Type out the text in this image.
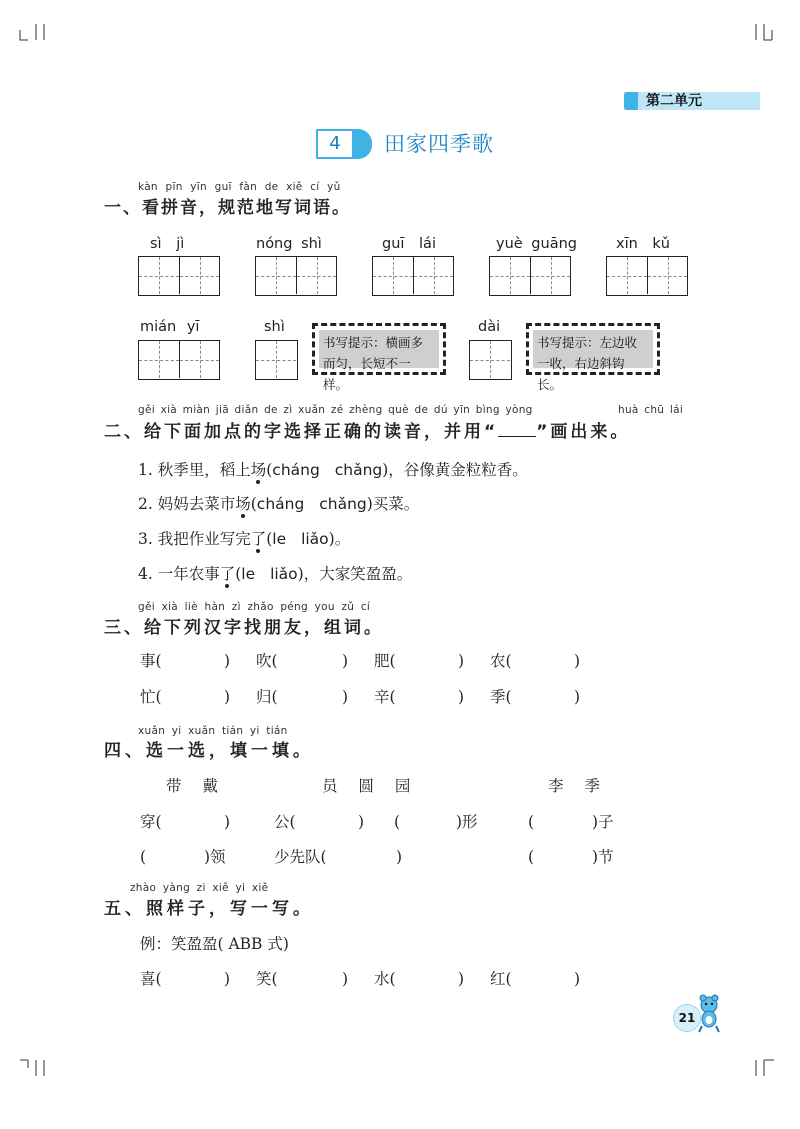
第二单元
4	田家四季歌
kàn pīn yīn guī fàn de xiě cí yǔ
一、看拼音，规范地写词语。
sì jì	nóng shì	guī lái	yuè guāng	xīn kǔ
mián yī	shì	dài
书写提示：横画多而匀，长短不一样。
书写提示：左边收一收，右边斜钩长。
gěi xià miàn jiā diǎn de zì xuǎn zé zhèng què de dú yīn bìng yòng	huà chū lái
二、给下面加点的字选择正确的读音，并用“ ”画出来。
1. 秋季里，稻上场(cháng chǎng)，谷像黄金粒粒香。
2. 妈妈去菜市场(cháng chǎng)买菜。
3. 我把作业写完了(le liǎo)。
4. 一年农事了(le liǎo)，大家笑盈盈。
gěi xià liè hàn zì zhǎo péng you zǔ cí
三、给下列汉字找朋友，组词。
事(	) 吹(	) 肥(	) 农(	)
忙(	) 归(	) 辛(	) 季(	)
xuǎn yi xuǎn tián yi tián
四、选一选，填一填。
带 戴	员 圆 园	李 季
穿(	)	公(	) (	)形	(	)子
(	)领	少先队(	)	(	)节
zhào yàng zi xiě yi xiě
五、照样子，写一写。
例：笑盈盈( ABB 式)
喜(	) 笑(	) 水(	) 红(	)
21
